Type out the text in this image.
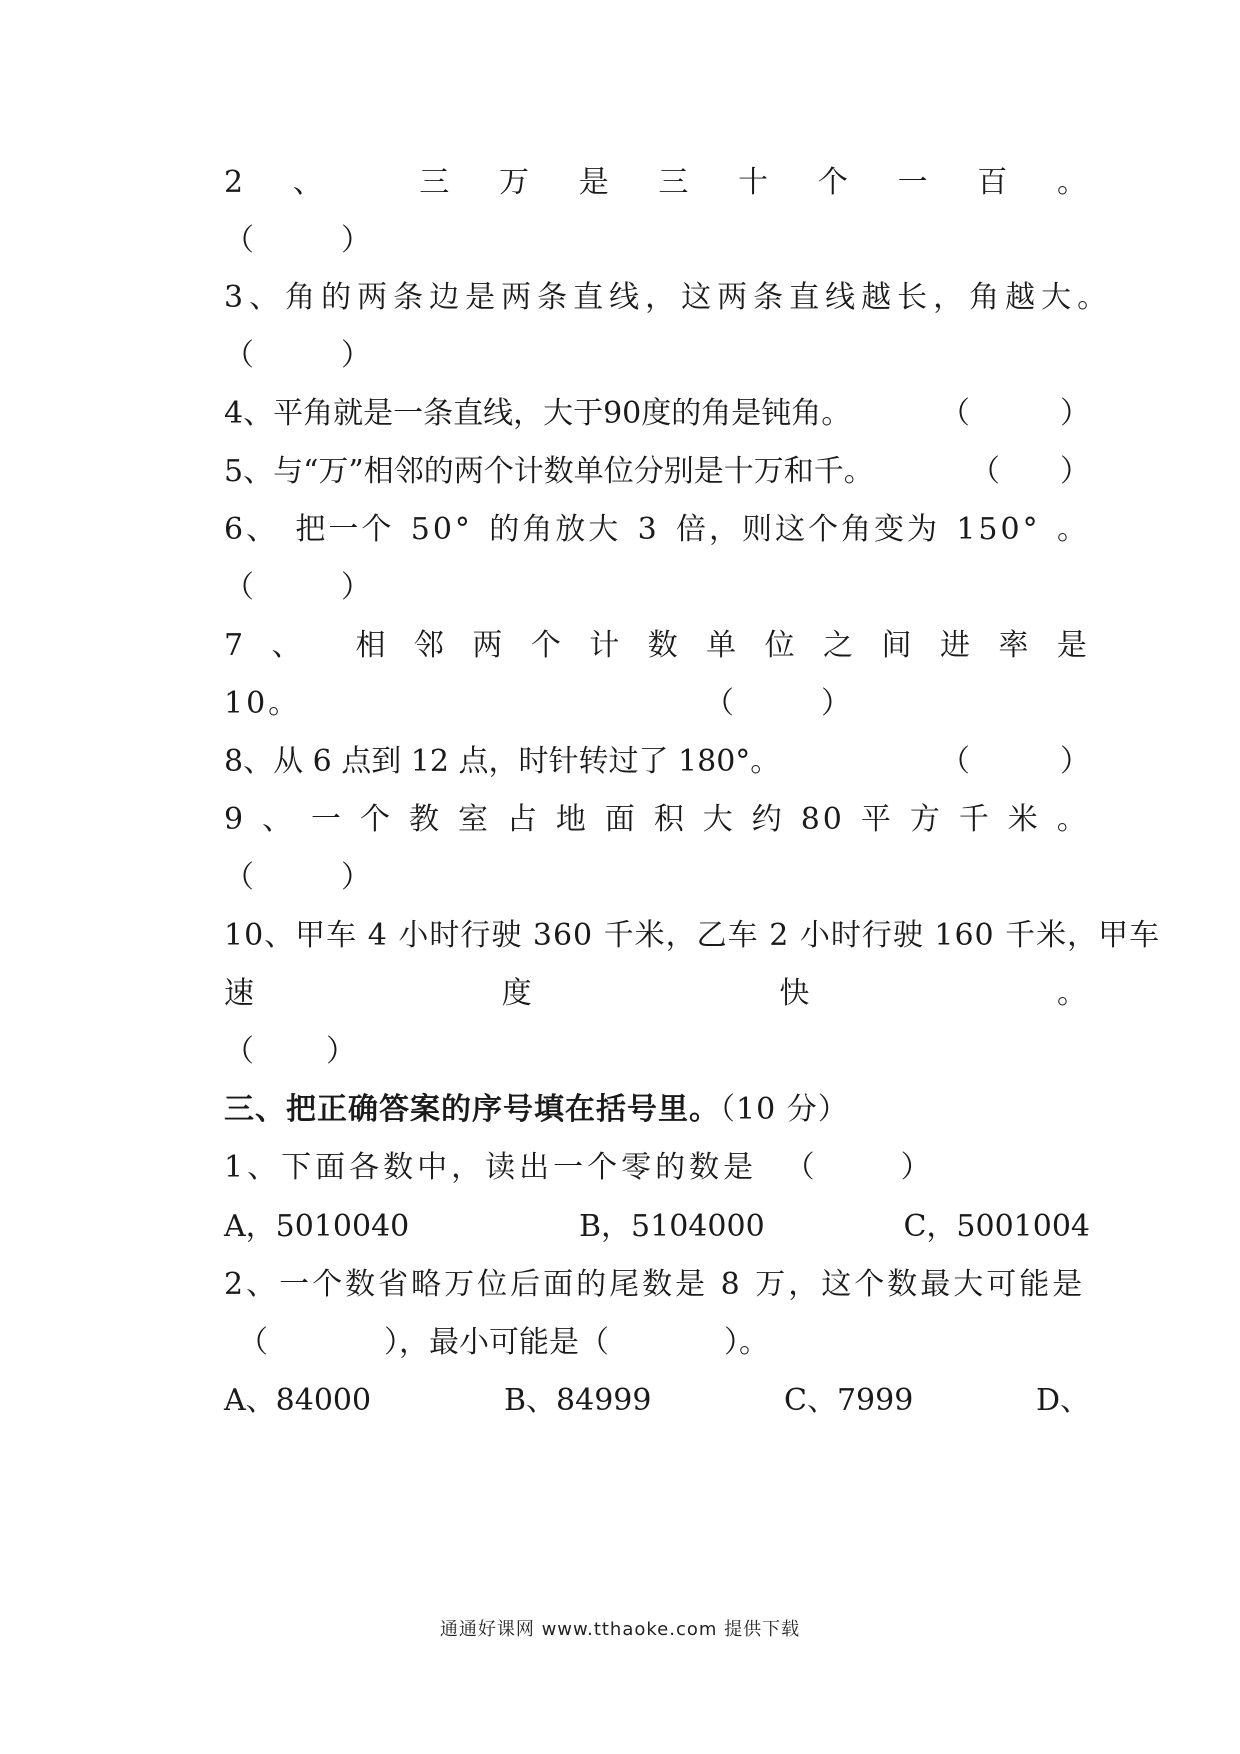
2 、	三 万 是 三 十 个 一 百 。
（	）
3、角的两条边是两条直线，这两条直线越长，角越大。
（	）
4、平角就是一条直线，大于90度的角是钝角。	（	）
5、与“万”相邻的两个计数单位分别是十万和千。	（ ）
6、 把一个 50° 的角放大 3 倍，则这个角变为 150° 。
（	）
7 、 相 邻 两 个 计 数 单 位 之 间 进 率 是
10。	（	）
8、从 6 点到 12 点，时针转过了 180°。	（	）
9 、 一 个 教 室 占 地 面 积 大 约 80 平 方 千 米 。
（	）
10、甲车 4 小时行驶 360 千米，乙车 2 小时行驶 160 千米，甲车
速	度	快	。
（ ）
三、把正确答案的序号填在括号里。（10 分）
1、下面各数中，读出一个零的数是 （	）
A，5010040	B，5104000	C，5001004
2、一个数省略万位后面的尾数是 8 万，这个数最大可能是
（	），最小可能是（	）。
A、84000	B、84999	C、7999	D、
通通好课网 www.tthaoke.com 提供下载
